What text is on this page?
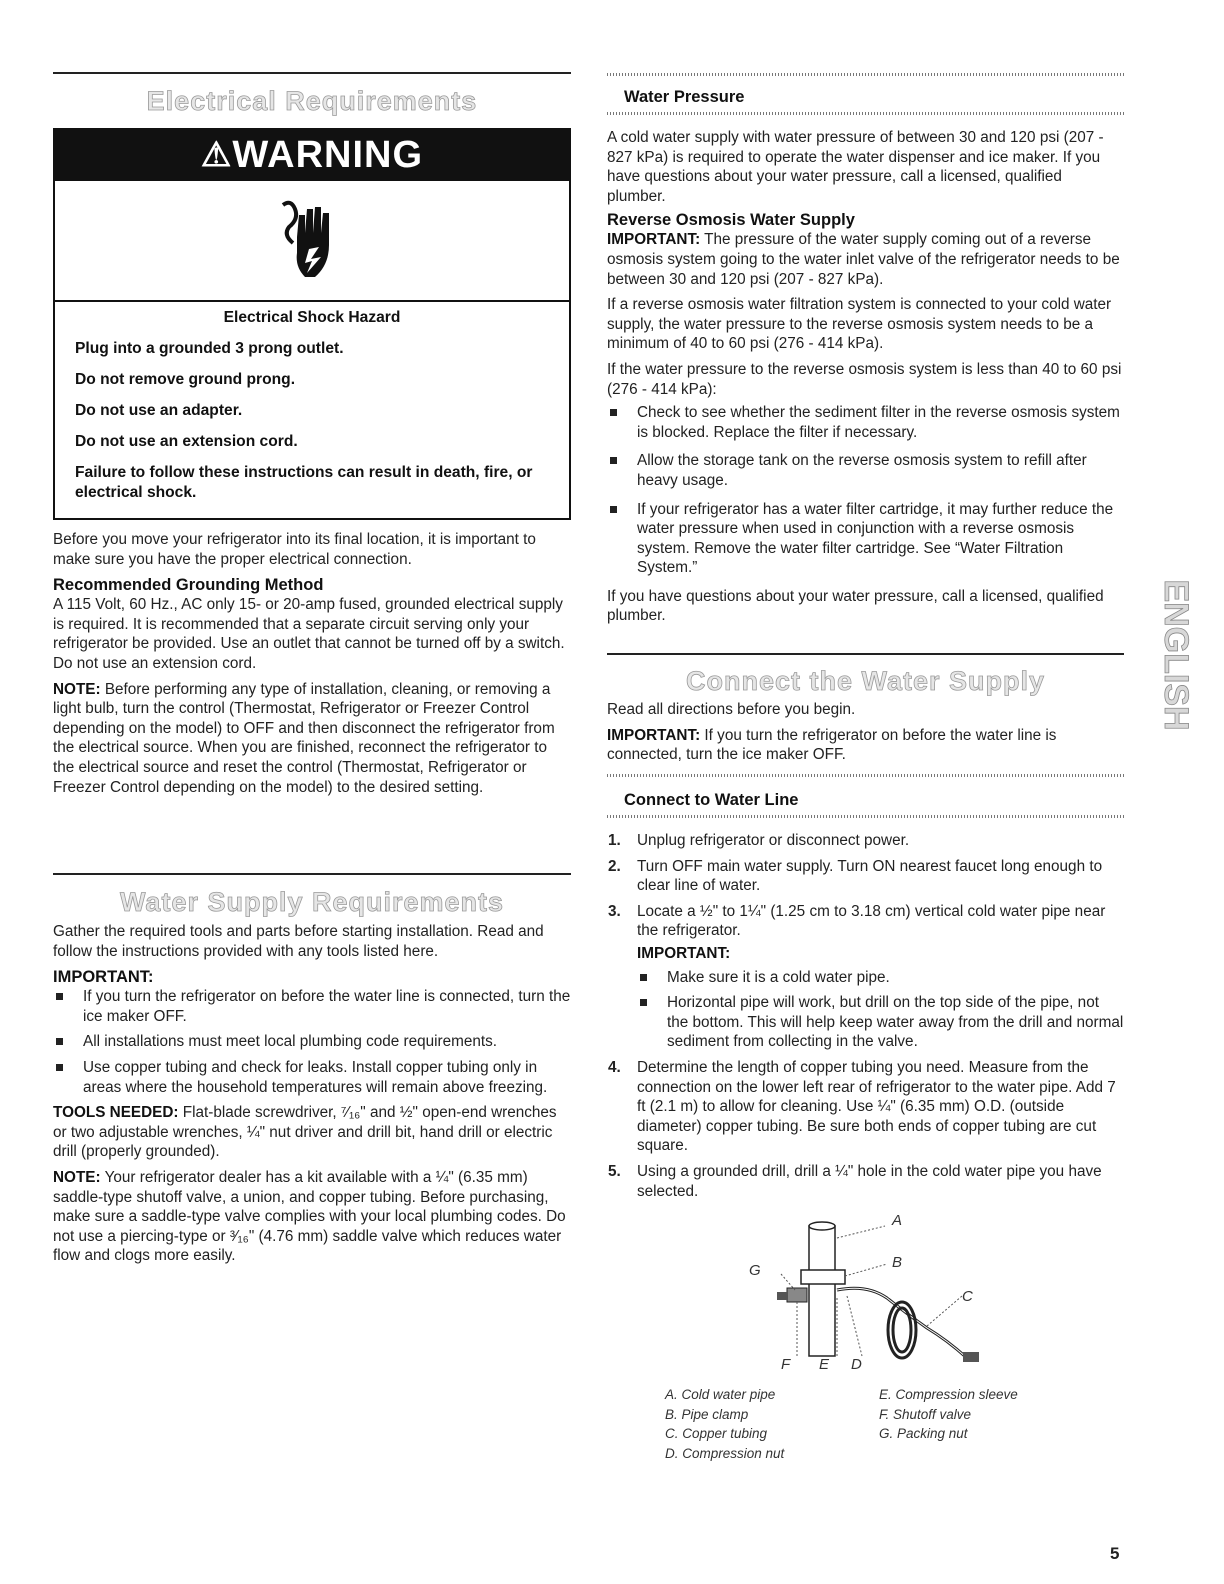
Electrical Requirements
⚠WARNING

Electrical Shock Hazard

Plug into a grounded 3 prong outlet.

Do not remove ground prong.

Do not use an adapter.

Do not use an extension cord.

Failure to follow these instructions can result in death, fire, or electrical shock.

Before you move your refrigerator into its final location, it is important to make sure you have the proper electrical connection.

Recommended Grounding Method

A 115 Volt, 60 Hz., AC only 15- or 20-amp fused, grounded electrical supply is required. It is recommended that a separate circuit serving only your refrigerator be provided. Use an outlet that cannot be turned off by a switch. Do not use an extension cord.

NOTE: Before performing any type of installation, cleaning, or removing a light bulb, turn the control (Thermostat, Refrigerator or Freezer Control depending on the model) to OFF and then disconnect the refrigerator from the electrical source. When you are finished, reconnect the refrigerator to the electrical source and reset the control (Thermostat, Refrigerator or Freezer Control depending on the model) to the desired setting.

Water Supply Requirements

Gather the required tools and parts before starting installation. Read and follow the instructions provided with any tools listed here.

IMPORTANT:

If you turn the refrigerator on before the water line is connected, turn the ice maker OFF.
All installations must meet local plumbing code requirements.
Use copper tubing and check for leaks. Install copper tubing only in areas where the household temperatures will remain above freezing.

TOOLS NEEDED: Flat-blade screwdriver, ⁷⁄₁₆" and ½" open-end wrenches or two adjustable wrenches, ¼" nut driver and drill bit, hand drill or electric drill (properly grounded).

NOTE: Your refrigerator dealer has a kit available with a ¼" (6.35 mm) saddle-type shutoff valve, a union, and copper tubing. Before purchasing, make sure a saddle-type valve complies with your local plumbing codes. Do not use a piercing-type or ³⁄₁₆" (4.76 mm) saddle valve which reduces water flow and clogs more easily.

Water Pressure

A cold water supply with water pressure of between 30 and 120 psi (207 - 827 kPa) is required to operate the water dispenser and ice maker. If you have questions about your water pressure, call a licensed, qualified plumber.

Reverse Osmosis Water Supply

IMPORTANT: The pressure of the water supply coming out of a reverse osmosis system going to the water inlet valve of the refrigerator needs to be between 30 and 120 psi (207 - 827 kPa).

If a reverse osmosis water filtration system is connected to your cold water supply, the water pressure to the reverse osmosis system needs to be a minimum of 40 to 60 psi (276 - 414 kPa).

If the water pressure to the reverse osmosis system is less than 40 to 60 psi (276 - 414 kPa):

Check to see whether the sediment filter in the reverse osmosis system is blocked. Replace the filter if necessary.
Allow the storage tank on the reverse osmosis system to refill after heavy usage.
If your refrigerator has a water filter cartridge, it may further reduce the water pressure when used in conjunction with a reverse osmosis system. Remove the water filter cartridge. See “Water Filtration System.”

If you have questions about your water pressure, call a licensed, qualified plumber.

Connect the Water Supply

Read all directions before you begin.

IMPORTANT: If you turn the refrigerator on before the water line is connected, turn the ice maker OFF.

Connect to Water Line

1. Unplug refrigerator or disconnect power.
2. Turn OFF main water supply. Turn ON nearest faucet long enough to clear line of water.
3. Locate a ½" to 1¼" (1.25 cm to 3.18 cm) vertical cold water pipe near the refrigerator.
IMPORTANT:
Make sure it is a cold water pipe.
Horizontal pipe will work, but drill on the top side of the pipe, not the bottom. This will help keep water away from the drill and normal sediment from collecting in the valve.
4. Determine the length of copper tubing you need. Measure from the connection on the lower left rear of refrigerator to the water pipe. Add 7 ft (2.1 m) to allow for cleaning. Use ¼" (6.35 mm) O.D. (outside diameter) copper tubing. Be sure both ends of copper tubing are cut square.
5. Using a grounded drill, drill a ¼" hole in the cold water pipe you have selected.
A
B
C
D
E
F
G
A. Cold water pipe
B. Pipe clamp
C. Copper tubing
D. Compression nut
E. Compression sleeve
F. Shutoff valve
G. Packing nut
ENGLISH
5
